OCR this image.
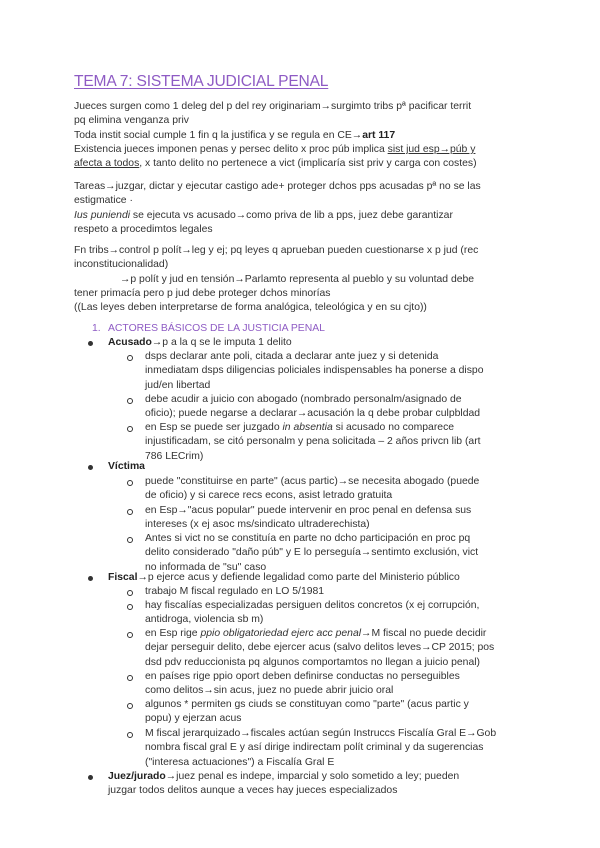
TEMA 7: SISTEMA JUDICIAL PENAL
Jueces surgen como 1 deleg del p del rey originariam→surgimto tribs pª pacificar territ
pq elimina venganza priv
Toda instit social cumple 1 fin q la justifica y se regula en CE→art 117
Existencia jueces imponen penas y persec delito x proc púb implica sist jud esp→púb y
afecta a todos, x tanto delito no pertenece a vict (implicaría sist priv y carga con costes)
Tareas→juzgar, dictar y ejecutar castigo ade+ proteger dchos pps acusadas pª no se las
estigmatice ·
Ius puniendi se ejecuta vs acusado→como priva de lib a pps, juez debe garantizar
respeto a procedimtos legales
Fn tribs→control p polít→leg y ej; pq leyes q aprueban pueden cuestionarse x p jud (rec
inconstitucionalidad)
→p polít y jud en tensión→Parlamto representa al pueblo y su voluntad debe
tener primacía pero p jud debe proteger dchos minorías
((Las leyes deben interpretarse de forma analógica, teleológica y en su cjto))
1. ACTORES BÁSICOS DE LA JUSTICIA PENAL
Acusado→p a la q se le imputa 1 delito
dsps declarar ante poli, citada a declarar ante juez y si detenida
inmediatam dsps diligencias policiales indispensables ha ponerse a dispo
jud/en libertad
debe acudir a juicio con abogado (nombrado personalm/asignado de
oficio); puede negarse a declarar→acusación la q debe probar culpbldad
en Esp se puede ser juzgado in absentia si acusado no comparece
injustificadam, se citó personalm y pena solicitada – 2 años privcn lib (art
786 LECrim)
Víctima
puede "constituirse en parte" (acus partic)→se necesita abogado (puede
de oficio) y si carece recs econs, asist letrado gratuita
en Esp→"acus popular" puede intervenir en proc penal en defensa sus
intereses (x ej asoc ms/sindicato ultraderechista)
Antes si vict no se constituía en parte no dcho participación en proc pq
delito considerado "daño púb" y E lo perseguía→sentimto exclusión, vict
no informada de "su" caso
Fiscal→p ejerce acus y defiende legalidad como parte del Ministerio público
trabajo M fiscal regulado en LO 5/1981
hay fiscalías especializadas persiguen delitos concretos (x ej corrupción,
antidroga, violencia sb m)
en Esp rige ppio obligatoriedad ejerc acc penal→M fiscal no puede decidir
dejar perseguir delito, debe ejercer acus (salvo delitos leves→CP 2015; pos
dsd pdv reduccionista pq algunos comportamtos no llegan a juicio penal)
en países rige ppio oport deben definirse conductas no perseguibles
como delitos→sin acus, juez no puede abrir juicio oral
algunos * permiten gs ciuds se constituyan como "parte" (acus partic y
popu) y ejerzan acus
M fiscal jerarquizado→fiscales actúan según Instruccs Fiscalía Gral E→Gob
nombra fiscal gral E y así dirige indirectam polít criminal y da sugerencias
("interesa actuaciones") a Fiscalía Gral E
Juez/jurado→juez penal es indepe, imparcial y solo sometido a ley; pueden
juzgar todos delitos aunque a veces hay jueces especializados
